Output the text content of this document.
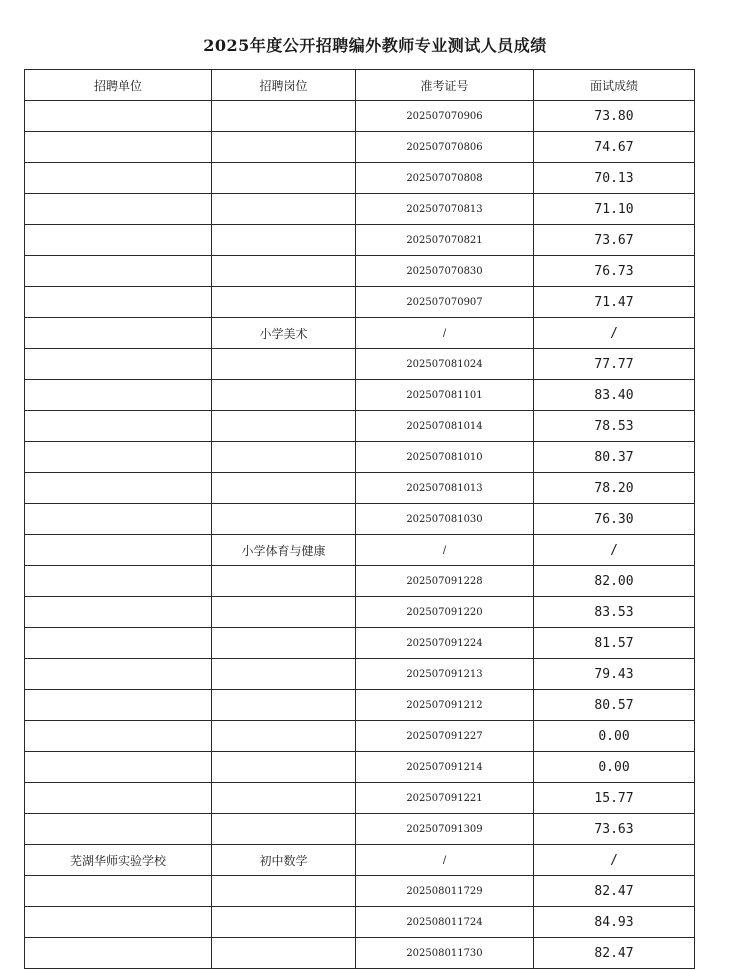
2025年度公开招聘编外教师专业测试人员成绩
招聘单位	招聘岗位	准考证号	面试成绩
		202507070906	73.80
		202507070806	74.67
		202507070808	70.13
		202507070813	71.10
		202507070821	73.67
		202507070830	76.73
		202507070907	71.47
	小学美术	/	/
		202507081024	77.77
		202507081101	83.40
		202507081014	78.53
		202507081010	80.37
		202507081013	78.20
		202507081030	76.30
	小学体育与健康	/	/
		202507091228	82.00
		202507091220	83.53
		202507091224	81.57
		202507091213	79.43
		202507091212	80.57
		202507091227	0.00
		202507091214	0.00
		202507091221	15.77
		202507091309	73.63
芜湖华师实验学校	初中数学	/	/
		202508011729	82.47
		202508011724	84.93
		202508011730	82.47
